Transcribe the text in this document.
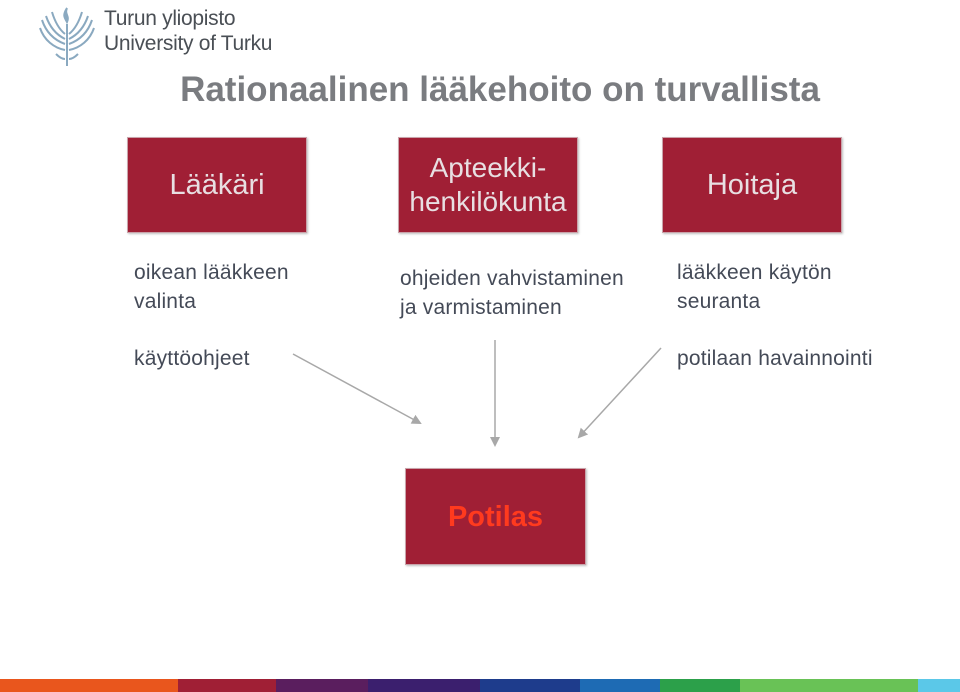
Turun yliopisto
University of Turku
Rationaalinen lääkehoito on turvallista
Lääkäri
Apteekki-
henkilökunta
Hoitaja
oikean lääkkeen
valinta
käyttöohjeet
ohjeiden vahvistaminen
ja varmistaminen
lääkkeen käytön
seuranta
potilaan havainnointi
Potilas
